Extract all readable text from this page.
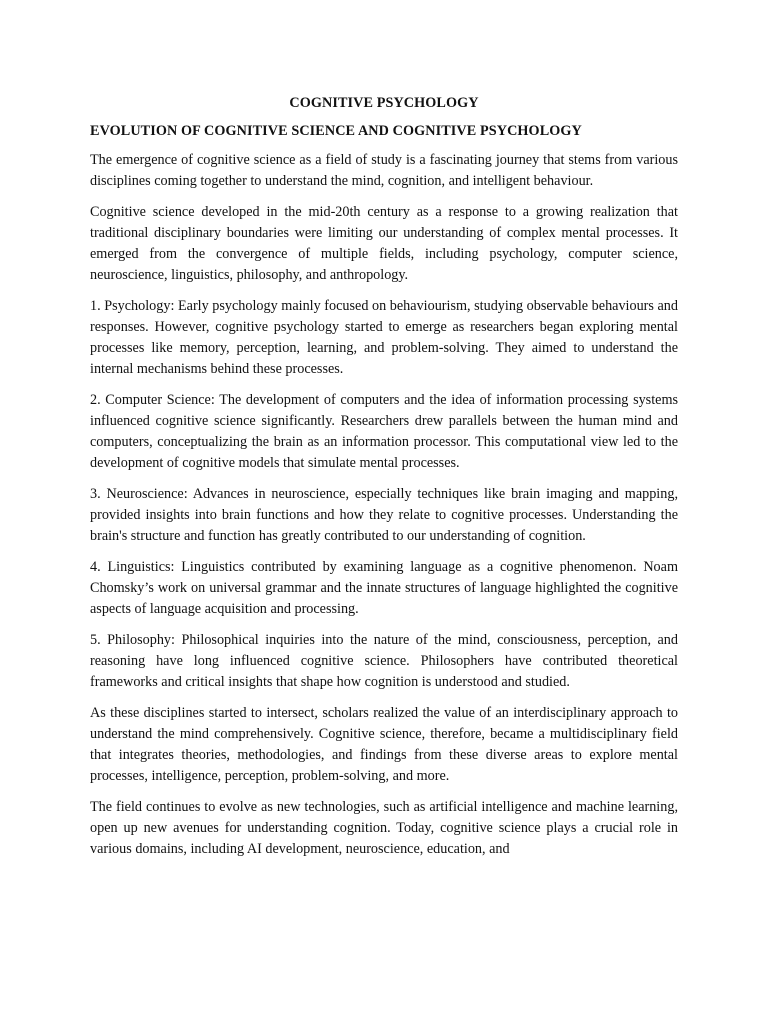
COGNITIVE PSYCHOLOGY
EVOLUTION OF COGNITIVE SCIENCE AND COGNITIVE PSYCHOLOGY

The emergence of cognitive science as a field of study is a fascinating journey that stems from various disciplines coming together to understand the mind, cognition, and intelligent behaviour.

Cognitive science developed in the mid-20th century as a response to a growing realization that traditional disciplinary boundaries were limiting our understanding of complex mental processes. It emerged from the convergence of multiple fields, including psychology, computer science, neuroscience, linguistics, philosophy, and anthropology.

1. Psychology: Early psychology mainly focused on behaviourism, studying observable behaviours and responses. However, cognitive psychology started to emerge as researchers began exploring mental processes like memory, perception, learning, and problem-solving. They aimed to understand the internal mechanisms behind these processes.

2. Computer Science: The development of computers and the idea of information processing systems influenced cognitive science significantly. Researchers drew parallels between the human mind and computers, conceptualizing the brain as an information processor. This computational view led to the development of cognitive models that simulate mental processes.

3. Neuroscience: Advances in neuroscience, especially techniques like brain imaging and mapping, provided insights into brain functions and how they relate to cognitive processes. Understanding the brain's structure and function has greatly contributed to our understanding of cognition.

4. Linguistics: Linguistics contributed by examining language as a cognitive phenomenon. Noam Chomsky’s work on universal grammar and the innate structures of language highlighted the cognitive aspects of language acquisition and processing.

5. Philosophy: Philosophical inquiries into the nature of the mind, consciousness, perception, and reasoning have long influenced cognitive science. Philosophers have contributed theoretical frameworks and critical insights that shape how cognition is understood and studied.

As these disciplines started to intersect, scholars realized the value of an interdisciplinary approach to understand the mind comprehensively. Cognitive science, therefore, became a multidisciplinary field that integrates theories, methodologies, and findings from these diverse areas to explore mental processes, intelligence, perception, problem-solving, and more.

The field continues to evolve as new technologies, such as artificial intelligence and machine learning, open up new avenues for understanding cognition. Today, cognitive science plays a crucial role in various domains, including AI development, neuroscience, education, and
